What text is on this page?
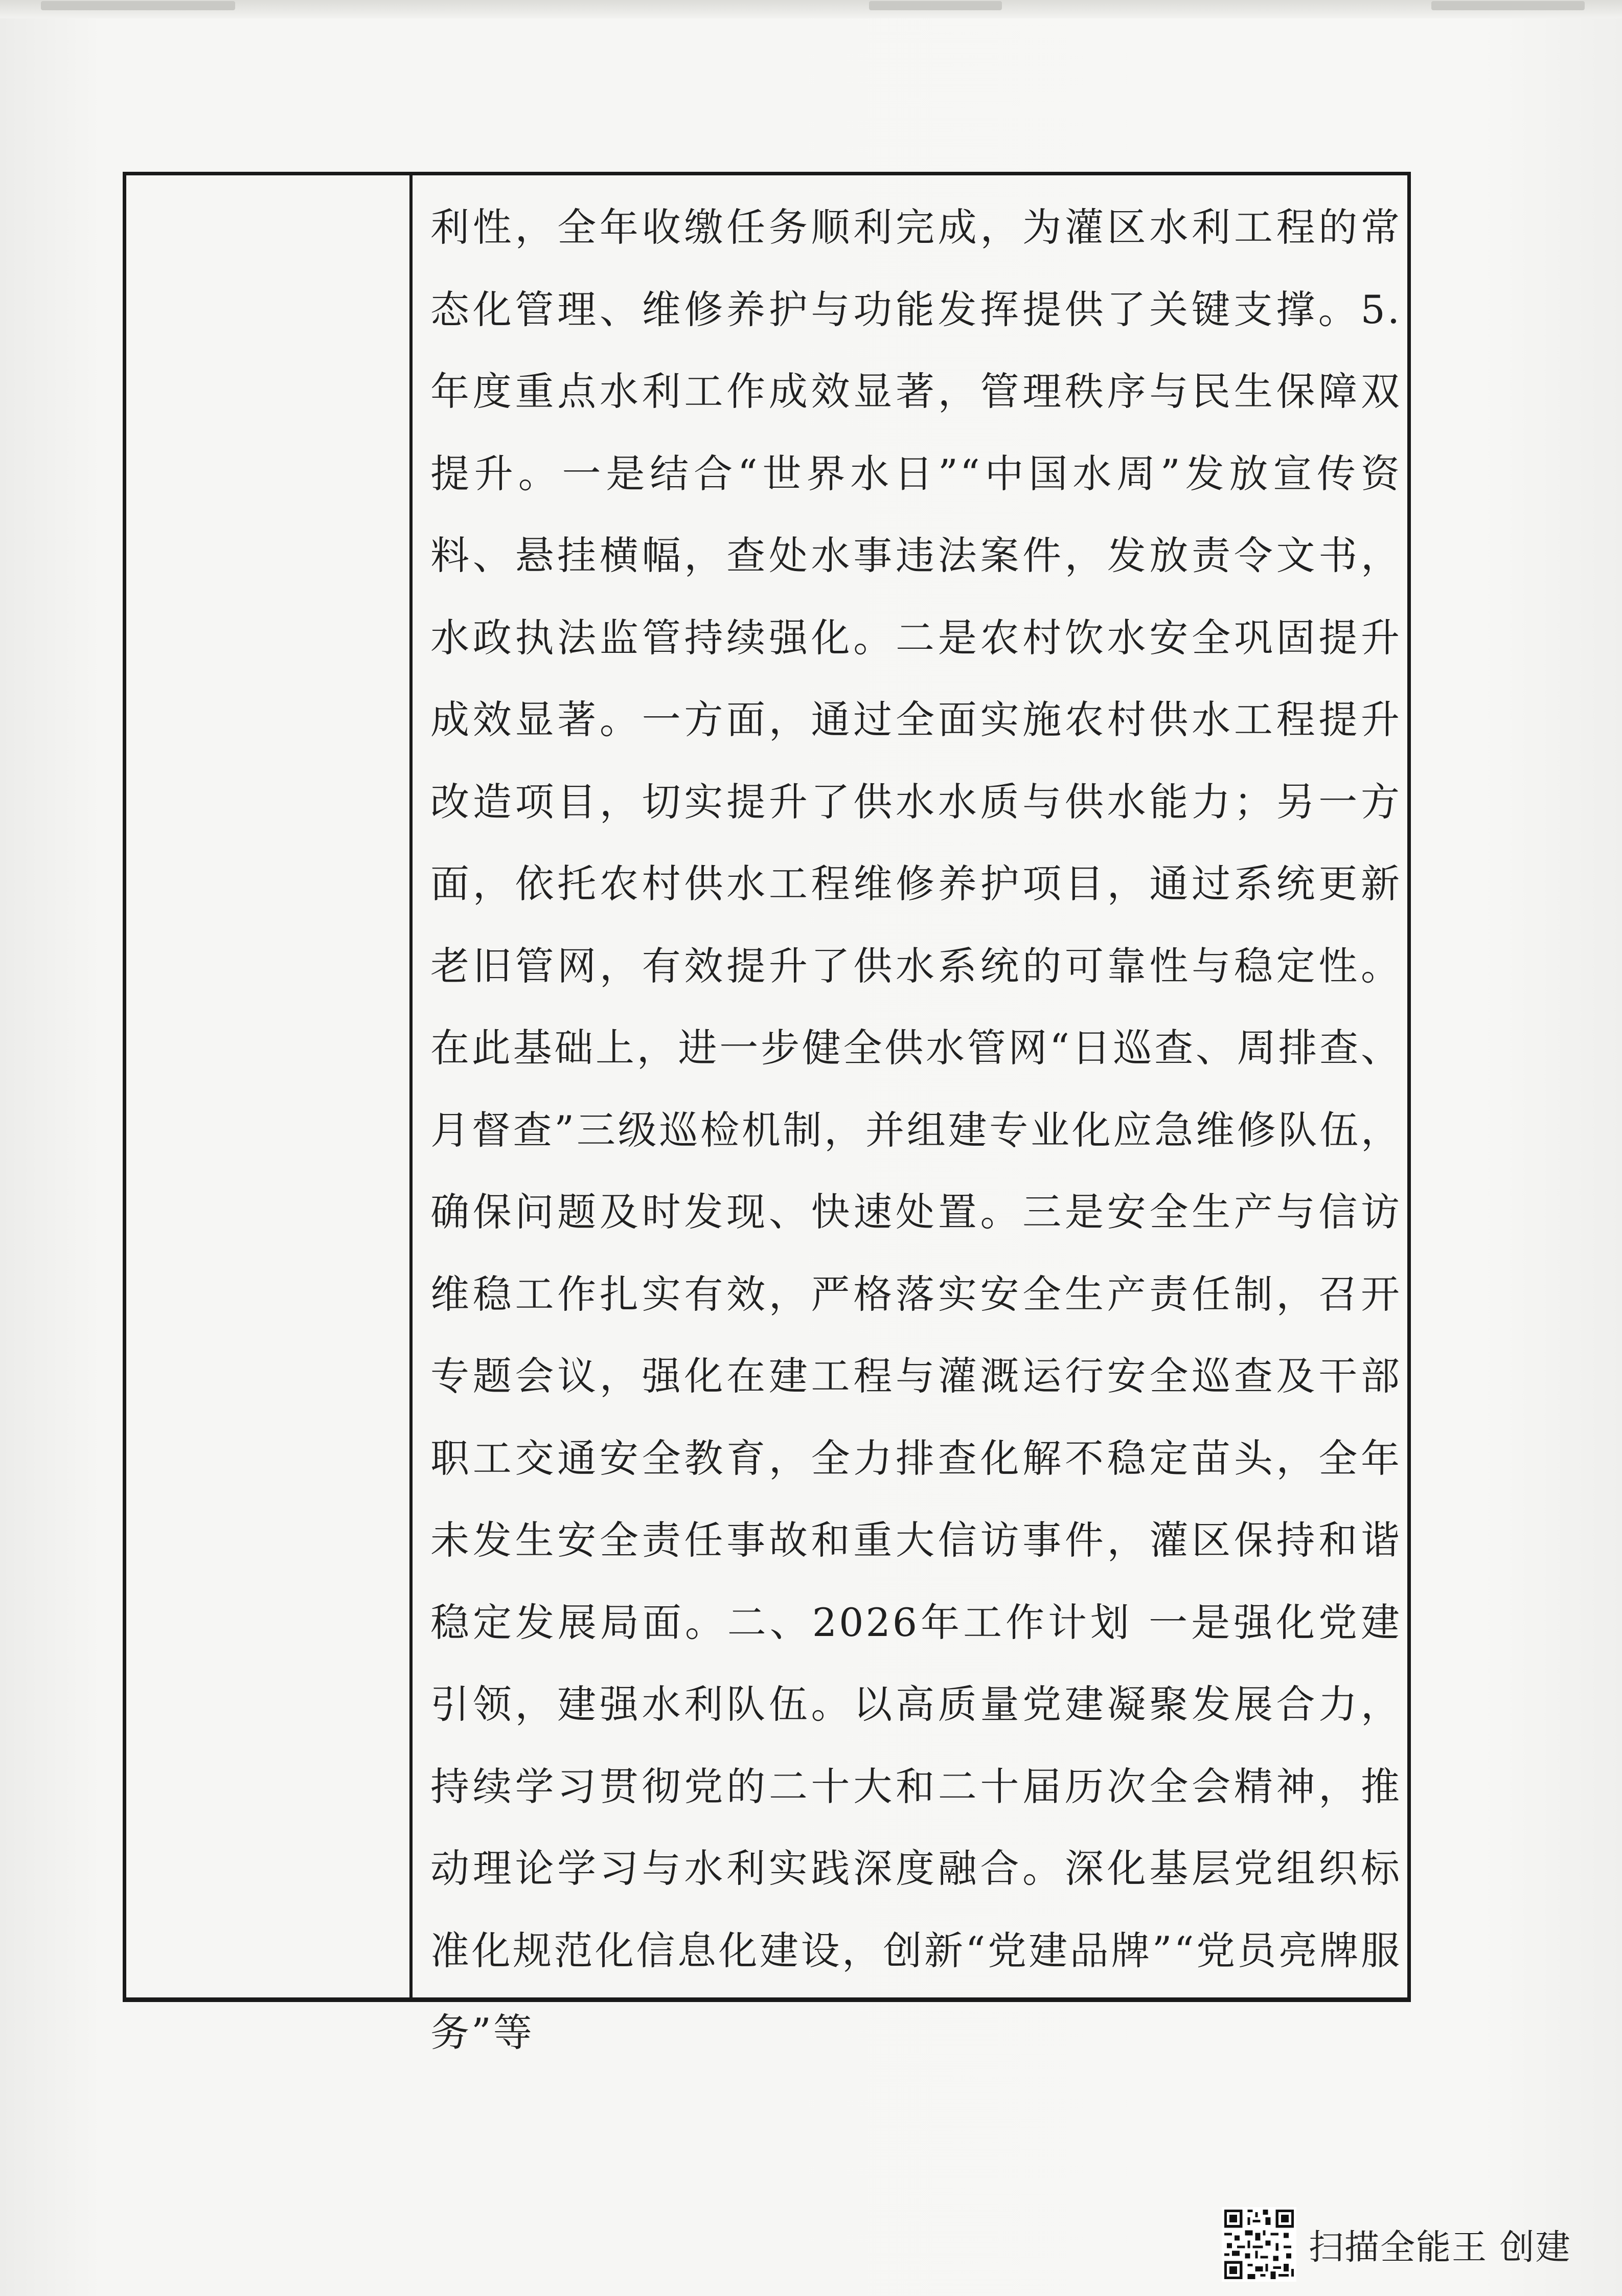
利性，全年收缴任务顺利完成，为灌区水利工程的常态化管理、维修养护与功能发挥提供了关键支撑。5.年度重点水利工作成效显著，管理秩序与民生保障双提升。一是结合“世界水日”“中国水周”发放宣传资料、悬挂横幅，查处水事违法案件，发放责令文书，水政执法监管持续强化。二是农村饮水安全巩固提升成效显著。一方面，通过全面实施农村供水工程提升改造项目，切实提升了供水水质与供水能力；另一方面，依托农村供水工程维修养护项目，通过系统更新老旧管网，有效提升了供水系统的可靠性与稳定性。在此基础上，进一步健全供水管网“日巡查、周排查、月督查”三级巡检机制，并组建专业化应急维修队伍，确保问题及时发现、快速处置。三是安全生产与信访维稳工作扎实有效，严格落实安全生产责任制，召开专题会议，强化在建工程与灌溉运行安全巡查及干部职工交通安全教育，全力排查化解不稳定苗头，全年未发生安全责任事故和重大信访事件，灌区保持和谐稳定发展局面。二、2026年工作计划 一是强化党建引领，建强水利队伍。以高质量党建凝聚发展合力，持续学习贯彻党的二十大和二十届历次全会精神，推动理论学习与水利实践深度融合。深化基层党组织标准化规范化信息化建设，创新“党建品牌”“党员亮牌服务”等
扫描全能王 创建
